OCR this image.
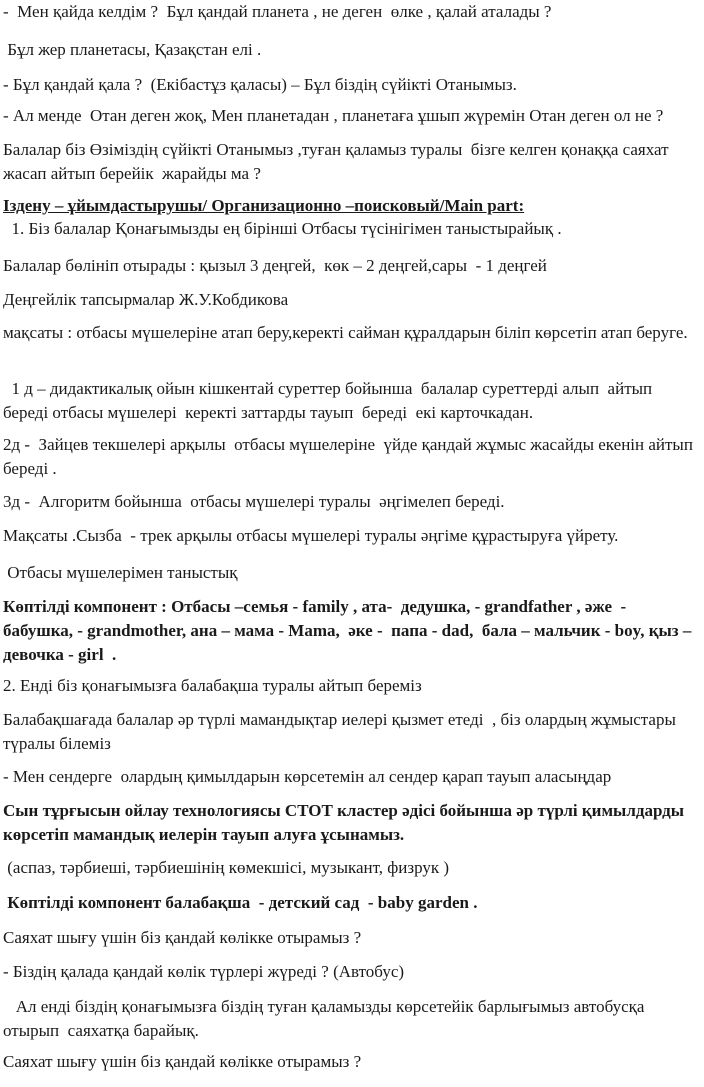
-  Мен қайда келдім ?  Бұл қандай планета , не деген  өлке , қалай аталады ?

Бұл жер планетасы, Қазақстан елі .

- Бұл қандай қала ?  (Екібастұз қаласы) – Бұл біздің сүйікті Отанымыз.

- Ал менде  Отан деген жоқ, Мен планетадан , планетаға ұшып жүремін Отан деген ол не ?

Балалар біз Өзіміздің сүйікті Отанымыз ,туған қаламыз туралы  бізге келген қонаққа саяхат жасап айтып берейік  жарайды ма ?

Іздену – ұйымдастырушы/ Организационно –поисковый/Main part:

1. Біз балалар Қонағымызды ең бірінші Отбасы түсінігімен таныстырайық .

Балалар бөлініп отырады : қызыл 3 деңгей,  көк – 2 деңгей,сары  - 1 деңгей

Деңгейлік тапсырмалар Ж.У.Кобдикова

мақсаты : отбасы мүшелеріне атап беру,керекті сайман құралдарын біліп көрсетіп атап беруге.

1 д – дидактикалық ойын кішкентай суреттер бойынша  балалар суреттерді алып  айтып береді отбасы мүшелері  керекті заттарды тауып  береді  екі карточкадан.

2д -  Зайцев текшелері арқылы  отбасы мүшелеріне  үйде қандай жұмыс жасайды екенін айтып береді .

3д -  Алгоритм бойынша  отбасы мүшелері туралы  әңгімелеп береді.

Мақсаты .Сызба  - трек арқылы отбасы мүшелері туралы әңгіме құрастыруға үйрету.

Отбасы мүшелерімен таныстық

Көптілді компонент : Отбасы –семья - family , ата-  дедушка, - grandfather , әже  - бабушка, - grandmother, ана – мама - Mama,  әке -  папа - dad,  бала – мальчик - boy, қыз – девочка - girl  .

2. Енді біз қонағымызға балабақша туралы айтып береміз

Балабақшағада балалар әр түрлі мамандықтар иелері қызмет етеді  , біз олардың жұмыстары түралы білеміз

- Мен сендерге  олардың қимылдарын көрсетемін ал сендер қарап тауып аласыңдар

Сын тұрғысын ойлау технологиясы СТОТ кластер әдісі бойынша әр түрлі қимылдарды көрсетіп мамандық иелерін тауып алуға ұсынамыз.

(аспаз, тәрбиеші, тәрбиешінің көмекшісі, музыкант, физрук )

Көптілді компонент балабақша  - детский сад  - baby garden .

Саяхат шығу үшін біз қандай көлікке отырамыз ?

- Біздің қалада қандай көлік түрлері жүреді ? (Автобус)

Ал енді біздің қонағымызға біздің туған қаламызды көрсетейік барлығымыз автобусқа отырып  саяхатқа барайық.

Саяхат шығу үшін біз қандай көлікке отырамыз ?
